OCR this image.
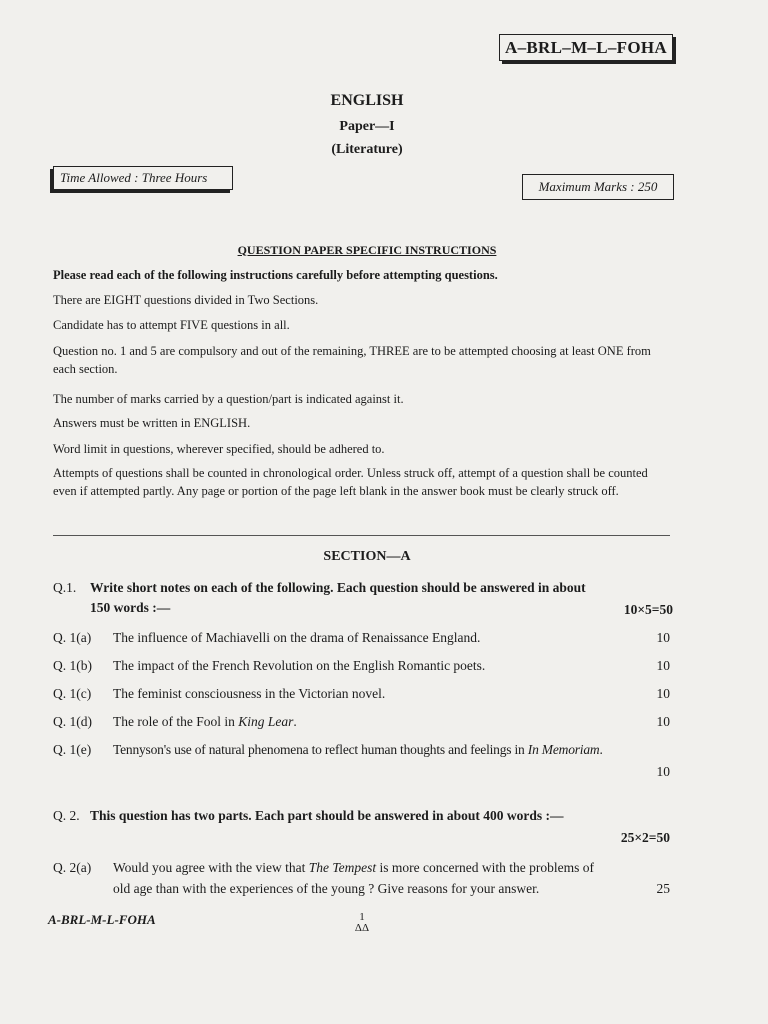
A–BRL–M–L–FOHA
ENGLISH
Paper—I
(Literature)
Time Allowed : Three Hours
Maximum Marks : 250
QUESTION PAPER SPECIFIC INSTRUCTIONS
Please read each of the following instructions carefully before attempting questions.
There are EIGHT questions divided in Two Sections.
Candidate has to attempt FIVE questions in all.
Question no. 1 and 5 are compulsory and out of the remaining, THREE are to be attempted choosing at least ONE from each section.
The number of marks carried by a question/part is indicated against it.
Answers must be written in ENGLISH.
Word limit in questions, wherever specified, should be adhered to.
Attempts of questions shall be counted in chronological order. Unless struck off, attempt of a question shall be counted even if attempted partly. Any page or portion of the page left blank in the answer book must be clearly struck off.
SECTION—A
Q.1. Write short notes on each of the following. Each question should be answered in about
150 words :—	10×5=50
Q. 1(a) The influence of Machiavelli on the drama of Renaissance England.	10
Q. 1(b) The impact of the French Revolution on the English Romantic poets.	10
Q. 1(c) The feminist consciousness in the Victorian novel.	10
Q. 1(d) The role of the Fool in King Lear.	10
Q. 1(e) Tennyson's use of natural phenomena to reflect human thoughts and feelings in In Memoriam.
10
Q. 2. This question has two parts. Each part should be answered in about 400 words :—
25×2=50
Q. 2(a) Would you agree with the view that The Tempest is more concerned with the problems of
old age than with the experiences of the young ? Give reasons for your answer.	25
A-BRL-M-L-FOHA	1
ΔΔ
